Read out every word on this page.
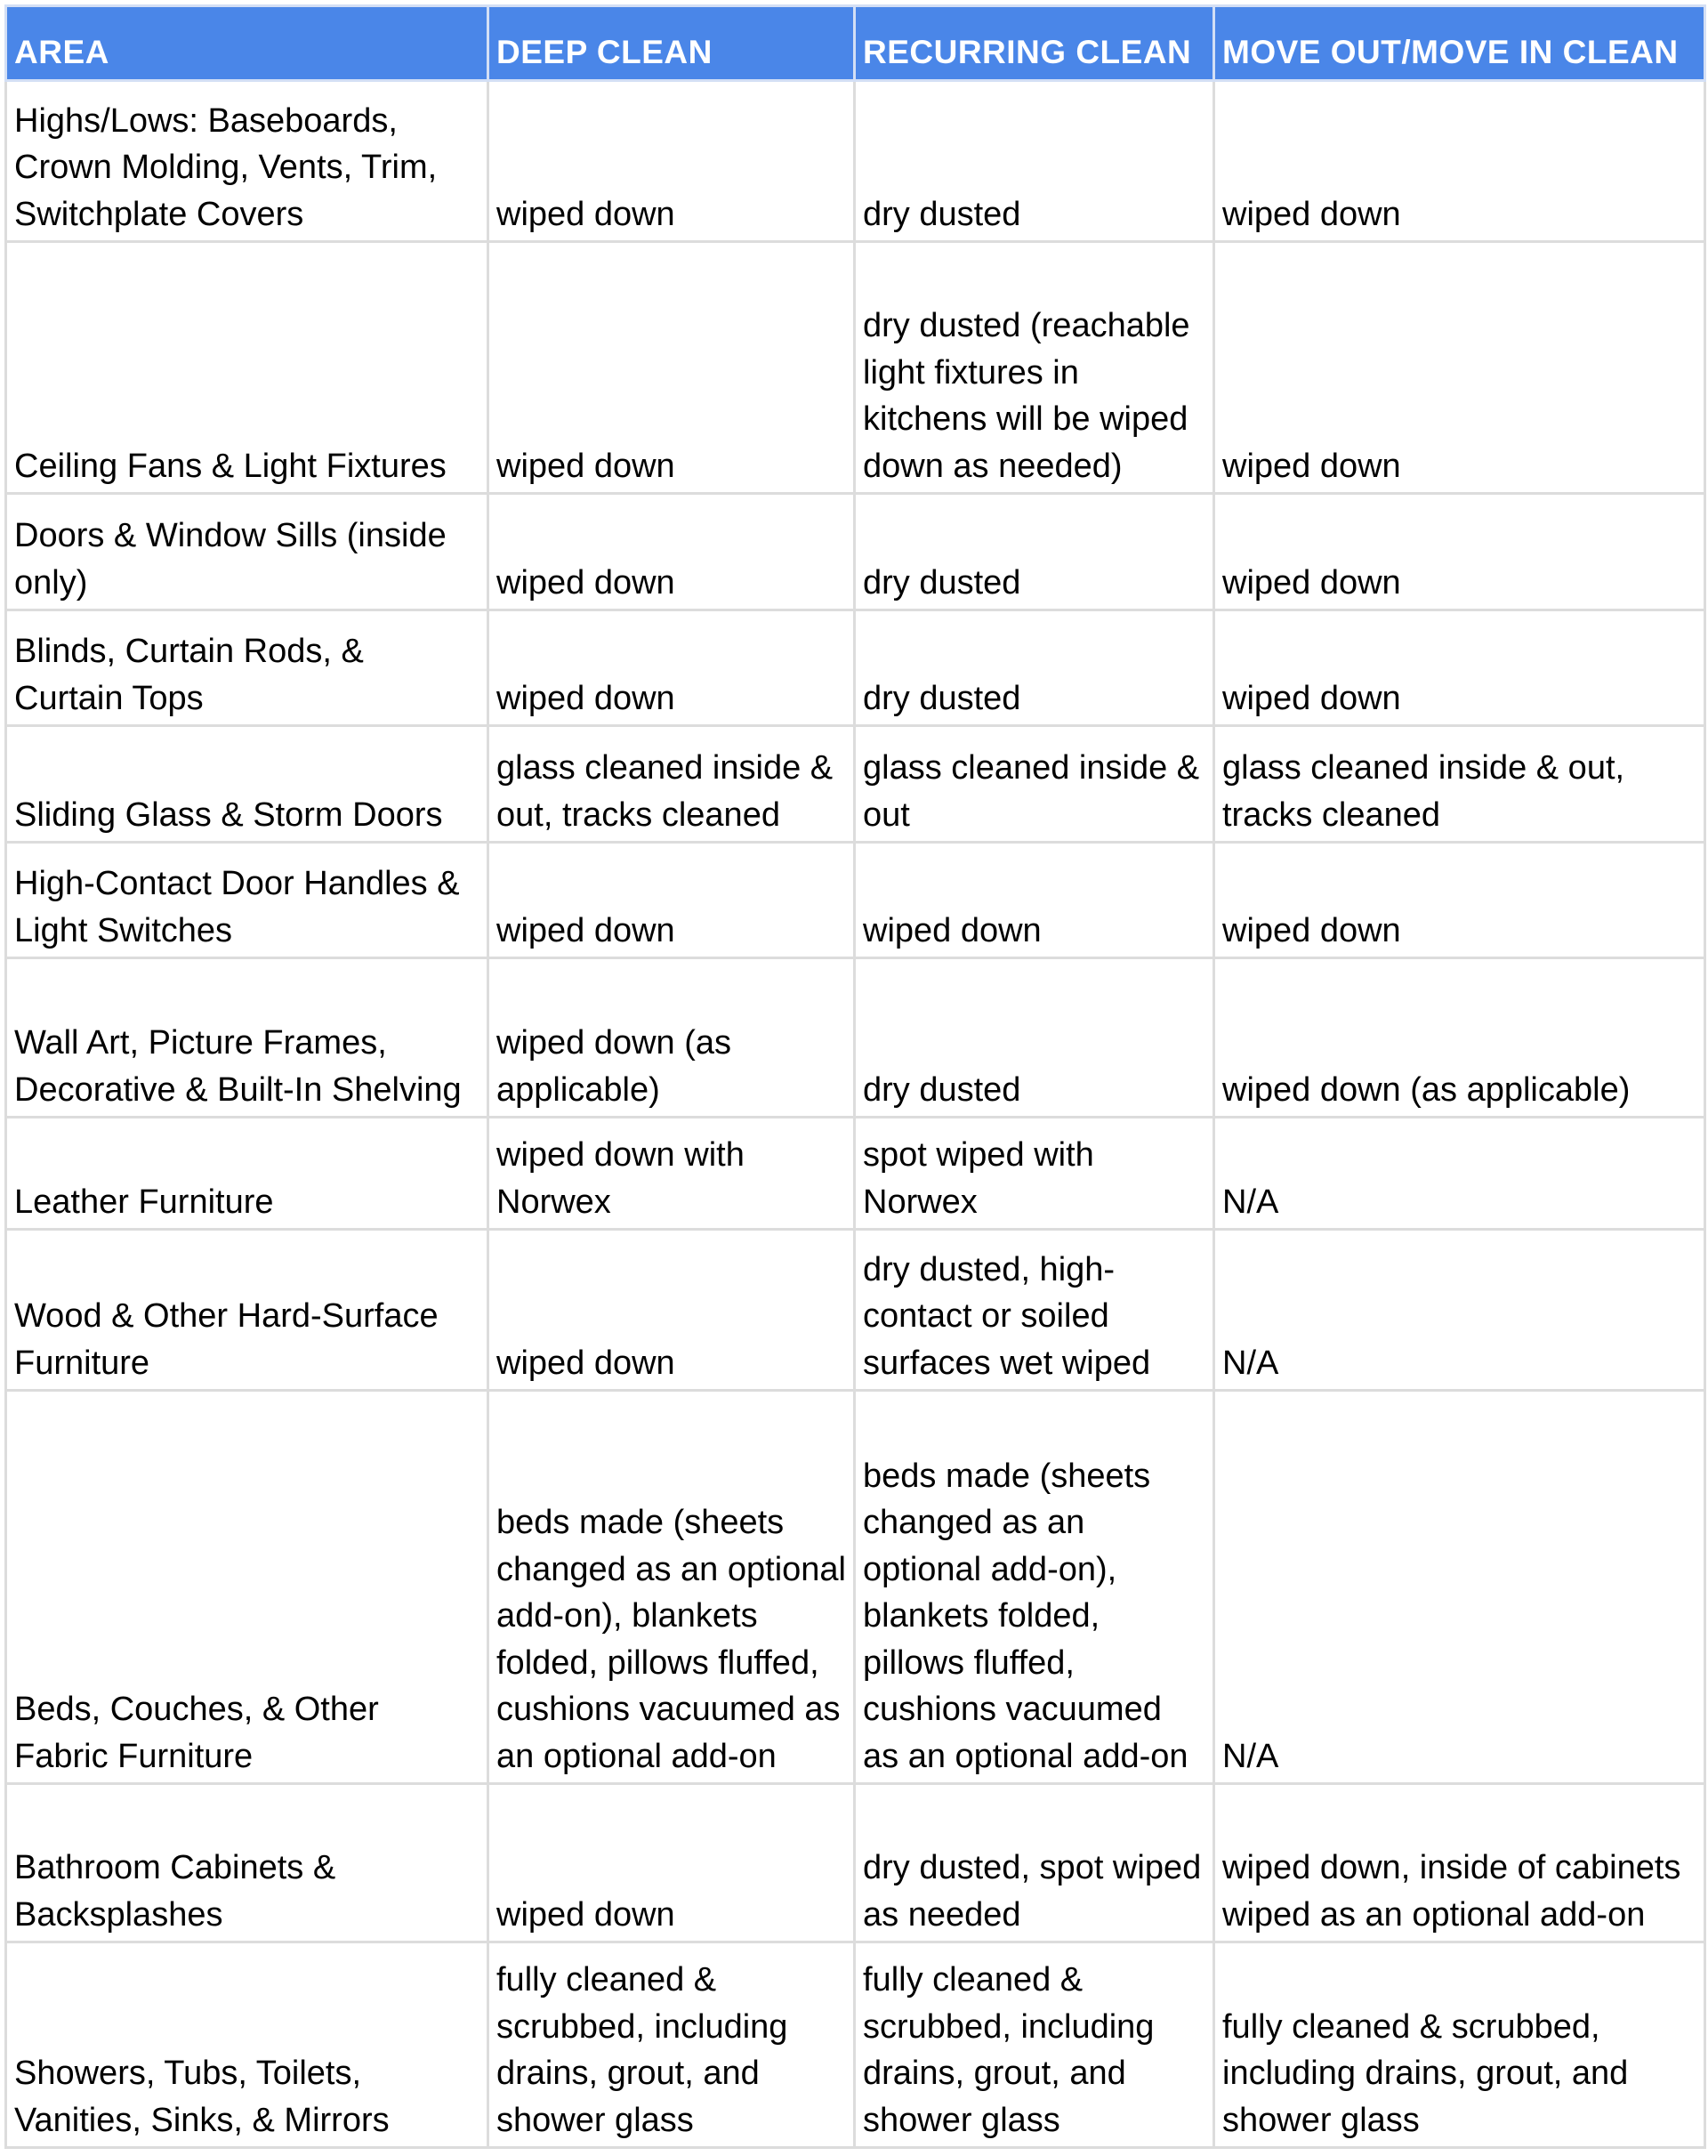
AREA	DEEP CLEAN	RECURRING CLEAN	MOVE OUT/MOVE IN CLEAN
Highs/Lows: Baseboards, Crown Molding, Vents, Trim, Switchplate Covers	wiped down	dry dusted	wiped down
Ceiling Fans & Light Fixtures	wiped down	dry dusted (reachable light fixtures in kitchens will be wiped down as needed)	wiped down
Doors & Window Sills (inside only)	wiped down	dry dusted	wiped down
Blinds, Curtain Rods, & Curtain Tops	wiped down	dry dusted	wiped down
Sliding Glass & Storm Doors	glass cleaned inside & out, tracks cleaned	glass cleaned inside & out	glass cleaned inside & out, tracks cleaned
High-Contact Door Handles & Light Switches	wiped down	wiped down	wiped down
Wall Art, Picture Frames, Decorative & Built-In Shelving	wiped down (as applicable)	dry dusted	wiped down (as applicable)
Leather Furniture	wiped down with Norwex	spot wiped with Norwex	N/A
Wood & Other Hard-Surface Furniture	wiped down	dry dusted, high-contact or soiled surfaces wet wiped	N/A
Beds, Couches, & Other Fabric Furniture	beds made (sheets changed as an optional add-on), blankets folded, pillows fluffed, cushions vacuumed as an optional add-on	beds made (sheets changed as an optional add-on), blankets folded, pillows fluffed, cushions vacuumed as an optional add-on	N/A
Bathroom Cabinets & Backsplashes	wiped down	dry dusted, spot wiped as needed	wiped down, inside of cabinets wiped as an optional add-on
Showers, Tubs, Toilets, Vanities, Sinks, & Mirrors	fully cleaned & scrubbed, including drains, grout, and shower glass	fully cleaned & scrubbed, including drains, grout, and shower glass	fully cleaned & scrubbed, including drains, grout, and shower glass
